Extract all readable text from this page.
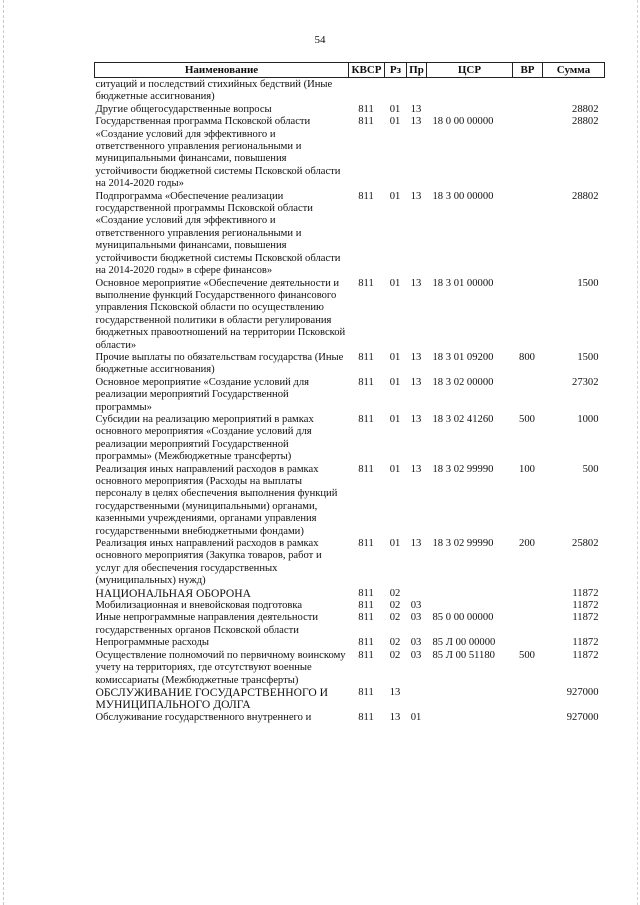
54
Наименование	КВСР	Рз	Пр	ЦСР	ВР	Сумма
ситуаций и последствий стихийных бедствий (Иные бюджетные ассигнования)						
Другие общегосударственные вопросы	811	01	13			28802
Государственная программа Псковской области «Создание условий для эффективного и ответственного управления региональными и муниципальными финансами, повышения устойчивости бюджетной системы Псковской области на 2014-2020 годы»	811	01	13	18 0 00 00000		28802
Подпрограмма «Обеспечение реализации государственной программы Псковской области «Создание условий для эффективного и ответственного управления региональными и муниципальными финансами, повышения устойчивости бюджетной системы Псковской области на 2014-2020 годы» в сфере финансов»	811	01	13	18 3 00 00000		28802
Основное мероприятие «Обеспечение деятельности и выполнение функций Государственного финансового управления Псковской области по осуществлению государственной политики в области регулирования бюджетных правоотношений на территории Псковской области»	811	01	13	18 3 01 00000		1500
Прочие выплаты по обязательствам государства (Иные бюджетные ассигнования)	811	01	13	18 3 01 09200	800	1500
Основное мероприятие «Создание условий для реализации мероприятий Государственной программы»	811	01	13	18 3 02 00000		27302
Субсидии на реализацию мероприятий в рамках основного мероприятия «Создание условий для реализации мероприятий Государственной программы» (Межбюджетные трансферты)	811	01	13	18 3 02 41260	500	1000
Реализация иных направлений расходов в рамках основного мероприятия (Расходы на выплаты персоналу в целях обеспечения выполнения функций государственными (муниципальными) органами, казенными учреждениями, органами управления государственными внебюджетными фондами)	811	01	13	18 3 02 99990	100	500
Реализация иных направлений расходов в рамках основного мероприятия (Закупка товаров, работ и услуг для обеспечения государственных (муниципальных) нужд)	811	01	13	18 3 02 99990	200	25802
НАЦИОНАЛЬНАЯ ОБОРОНА	811	02				11872
Мобилизационная и вневойсковая подготовка	811	02	03			11872
Иные непрограммные направления деятельности государственных органов Псковской области	811	02	03	85 0 00 00000		11872
Непрограммные расходы	811	02	03	85 Л 00 00000		11872
Осуществление полномочий по первичному воинскому учету на территориях, где отсутствуют военные комиссариаты (Межбюджетные трансферты)	811	02	03	85 Л 00 51180	500	11872
ОБСЛУЖИВАНИЕ ГОСУДАРСТВЕННОГО И МУНИЦИПАЛЬНОГО ДОЛГА	811	13				927000
Обслуживание государственного внутреннего и	811	13	01			927000
